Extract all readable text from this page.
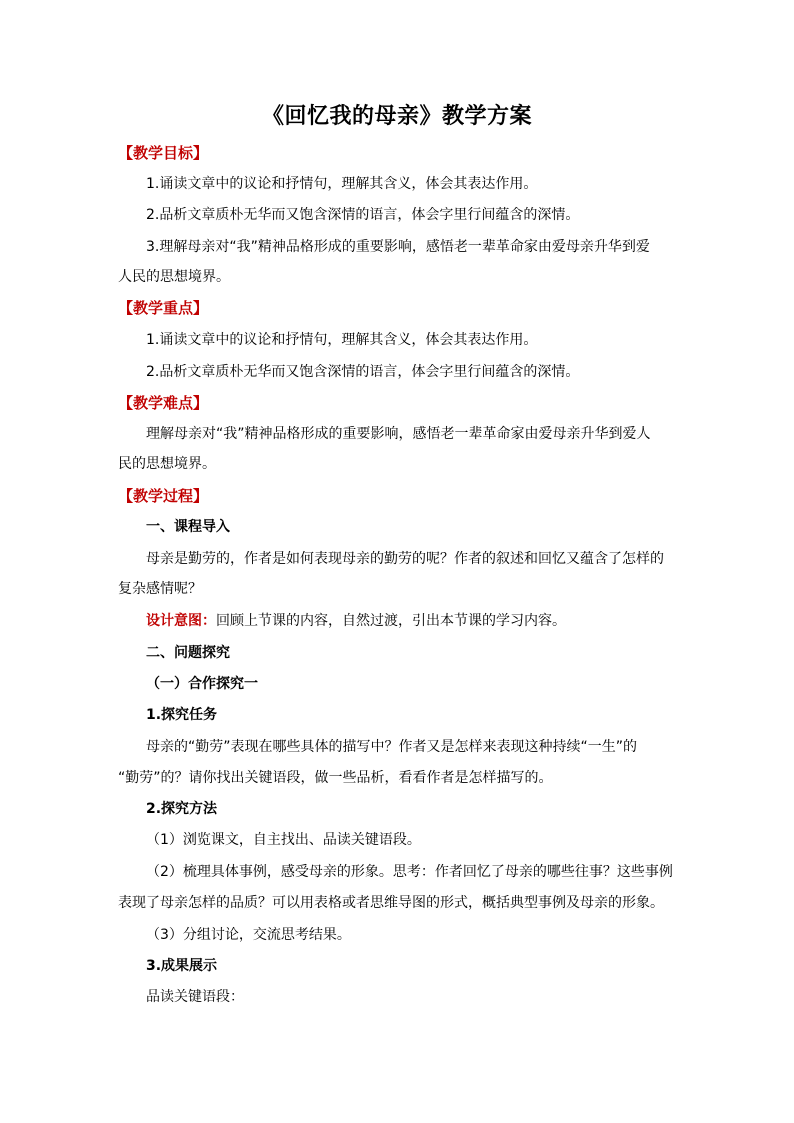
《回忆我的母亲》教学方案
【教学目标】
1.诵读文章中的议论和抒情句，理解其含义，体会其表达作用。
2.品析文章质朴无华而又饱含深情的语言，体会字里行间蕴含的深情。
3.理解母亲对“我”精神品格形成的重要影响，感悟老一辈革命家由爱母亲升华到爱
人民的思想境界。
【教学重点】
1.诵读文章中的议论和抒情句，理解其含义，体会其表达作用。
2.品析文章质朴无华而又饱含深情的语言，体会字里行间蕴含的深情。
【教学难点】
理解母亲对“我”精神品格形成的重要影响，感悟老一辈革命家由爱母亲升华到爱人
民的思想境界。
【教学过程】
一、课程导入
母亲是勤劳的，作者是如何表现母亲的勤劳的呢？作者的叙述和回忆又蕴含了怎样的
复杂感情呢？
设计意图：回顾上节课的内容，自然过渡，引出本节课的学习内容。
二、问题探究
（一）合作探究一
1.探究任务
母亲的“勤劳”表现在哪些具体的描写中？作者又是怎样来表现这种持续“一生”的
“勤劳”的？请你找出关键语段，做一些品析，看看作者是怎样描写的。
2.探究方法
（1）浏览课文，自主找出、品读关键语段。
（2）梳理具体事例，感受母亲的形象。思考：作者回忆了母亲的哪些往事？这些事例
表现了母亲怎样的品质？可以用表格或者思维导图的形式，概括典型事例及母亲的形象。
（3）分组讨论，交流思考结果。
3.成果展示
品读关键语段：
